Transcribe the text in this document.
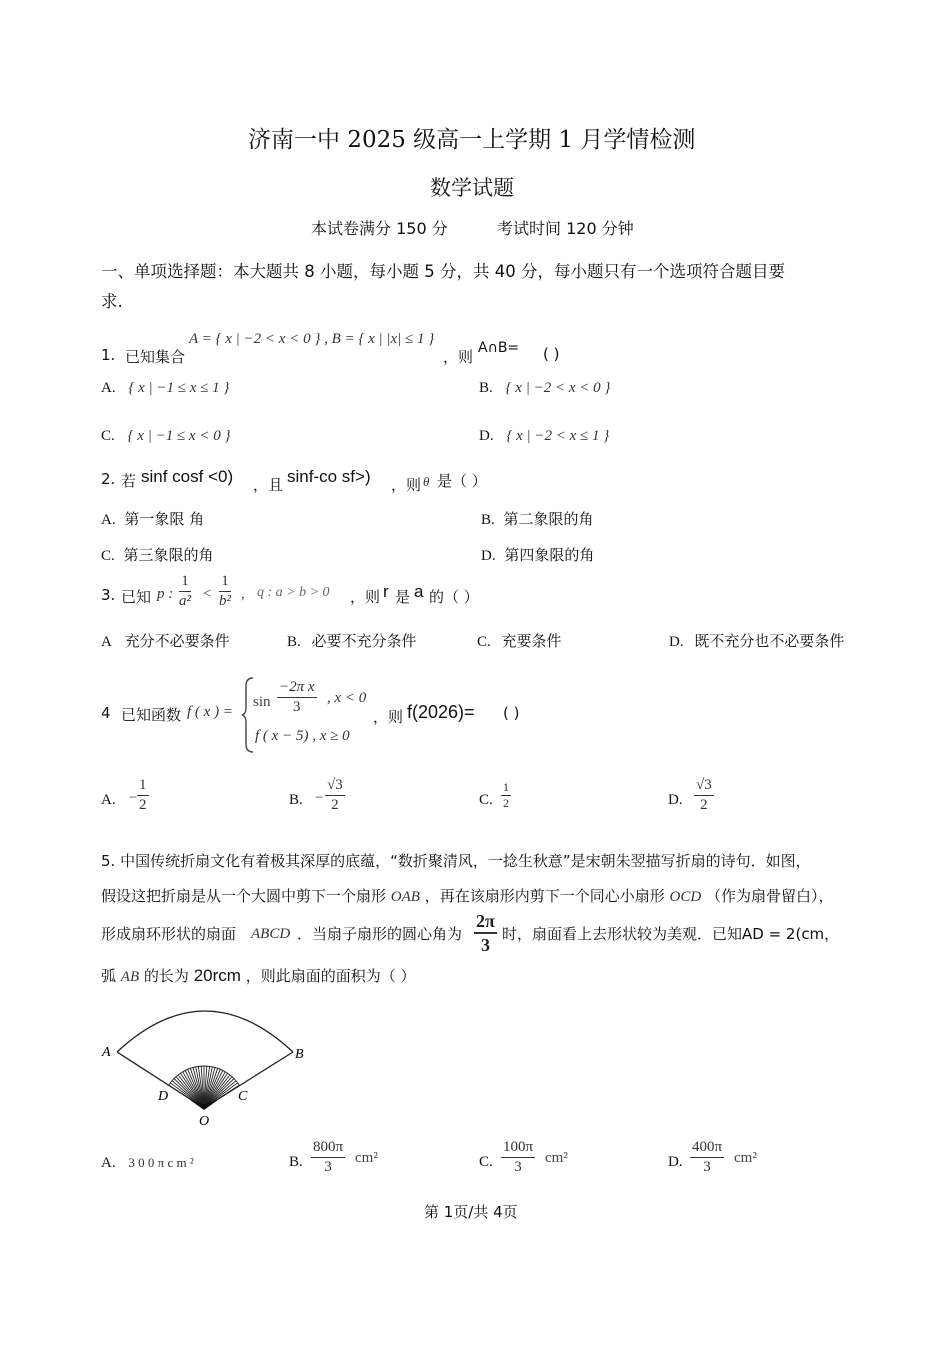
济南一中 2025 级高一上学期 1 月学情检测
数学试题
本试卷满分 150 分	考试时间 120 分钟
一、单项选择题：本大题共 8 小题，每小题 5 分，共 40 分，每小题只有一个选项符合题目要
求.
1. 已知集合
A = { x | −2 < x < 0 } , B = { x | |x| ≤ 1 }
，则 A∩B= ( )
A. { x | −1 ≤ x ≤ 1 }	B. { x | −2 < x < 0 }
C. { x | −1 ≤ x < 0 }	D. { x | −2 < x ≤ 1 }
2. 若 sinf cosf <0) ，且 sinf-co sf>) ，则 θ 是（ ）
A. 第一象限 角	B. 第二象限的角
C. 第三象限的角	D. 第四象限的角
3. 已知 p : $\frac{1}{\text{a²}} < \frac{1}{\text{b²}}$ , q : a > b > 0 ，则 r 是 a 的（ ）
A 充分不必要条件	B. 必要不充分条件	C. 充要条件	D. 既不充分也不必要条件
4 已知函数 f ( x ) =
$\sin \frac{\text{−2π x}}{3}$ , x < 0
f ( x − 5) , x ≥ 0
，则 f(2026)= ( )
A. − $\frac{1}{2}$	B. − $\frac{√3}{2}$	C. $\frac{1}{2}$	D. $\frac{√3}{2}$
5. 中国传统折扇文化有着极其深厚的底蕴，“数折聚清风，一捻生秋意”是宋朝朱翌描写折扇的诗句．如图，
假设这把折扇是从一个大圆中剪下一个扇形 OAB ，再在该扇形内剪下一个同心小扇形 OCD （作为扇骨留白），
形成扇环形状的扇面 ABCD ．当扇子扇形的圆心角为 $\frac{2\pi}{3}$ 时，扇面看上去形状较为美观．已知AD = 2(cm，
弧 AB 的长为 20rcm ，则此扇面的面积为（ ）
A	B
D	C
O
A. 3 0 0 π c m ²	B. $\frac{800\pi}{3} cm^2$	C. $\frac{100\pi}{3} cm^2$	D. $\frac{400\pi}{3} cm^2$
第 1页/共 4页
